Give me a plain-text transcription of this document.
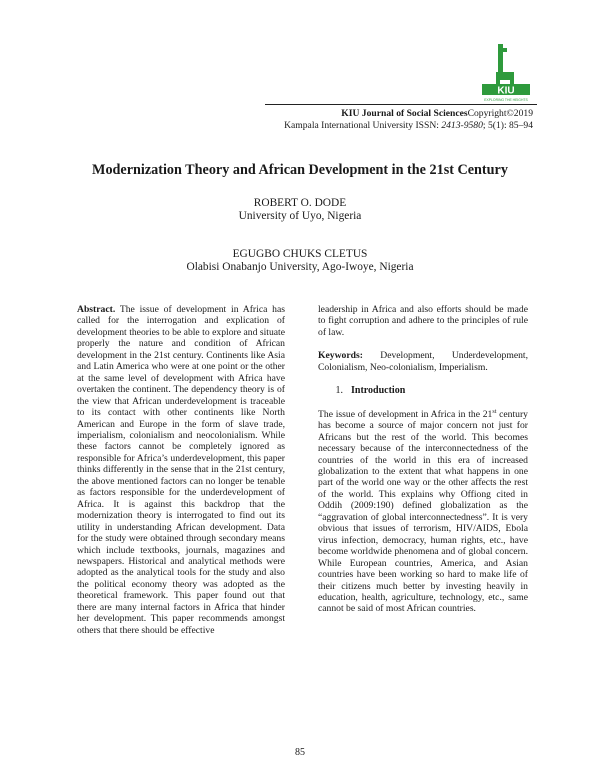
KIU
EXPLORING THE HEIGHTS
KIU Journal of Social SciencesCopyright©2019
Kampala International University ISSN: 2413-9580; 5(1): 85–94
Modernization Theory and African Development in the 21st Century
ROBERT O. DODE
University of Uyo, Nigeria
EGUGBO CHUKS CLETUS
Olabisi Onabanjo University, Ago-Iwoye, Nigeria

Abstract. The issue of development in Africa has called for the interrogation and explication of development theories to be able to explore and situate properly the nature and condition of African development in the 21st century. Continents like Asia and Latin America who were at one point or the other at the same level of development with Africa have overtaken the continent. The dependency theory is of the view that African underdevelopment is traceable to its contact with other continents like North American and Europe in the form of slave trade, imperialism, colonialism and neocolonialism. While these factors cannot be completely ignored as responsible for Africa’s underdevelopment, this paper thinks differently in the sense that in the 21st century, the above mentioned factors can no longer be tenable as factors responsible for the underdevelopment of Africa. It is against this backdrop that the modernization theory is interrogated to find out its utility in understanding African development. Data for the study were obtained through secondary means which include textbooks, journals, magazines and newspapers. Historical and analytical methods were adopted as the analytical tools for the study and also the political economy theory was adopted as the theoretical framework. This paper found out that there are many internal factors in Africa that hinder her development. This paper recommends amongst others that there should be effective

leadership in Africa and also efforts should be made to fight corruption and adhere to the principles of rule of law.

Keywords: Development, Underdevelopment, Colonialism, Neo-colonialism, Imperialism.

1. Introduction

The issue of development in Africa in the 21st century has become a source of major concern not just for Africans but the rest of the world. This becomes necessary because of the interconnectedness of the countries of the world in this era of increased globalization to the extent that what happens in one part of the world one way or the other affects the rest of the world. This explains why Offiong cited in Oddih (2009:190) defined globalization as the “aggravation of global interconnectedness”. It is very obvious that issues of terrorism, HIV/AIDS, Ebola virus infection, democracy, human rights, etc., have become worldwide phenomena and of global concern. While European countries, America, and Asian countries have been working so hard to make life of their citizens much better by investing heavily in education, health, agriculture, technology, etc., same cannot be said of most African countries.

85
